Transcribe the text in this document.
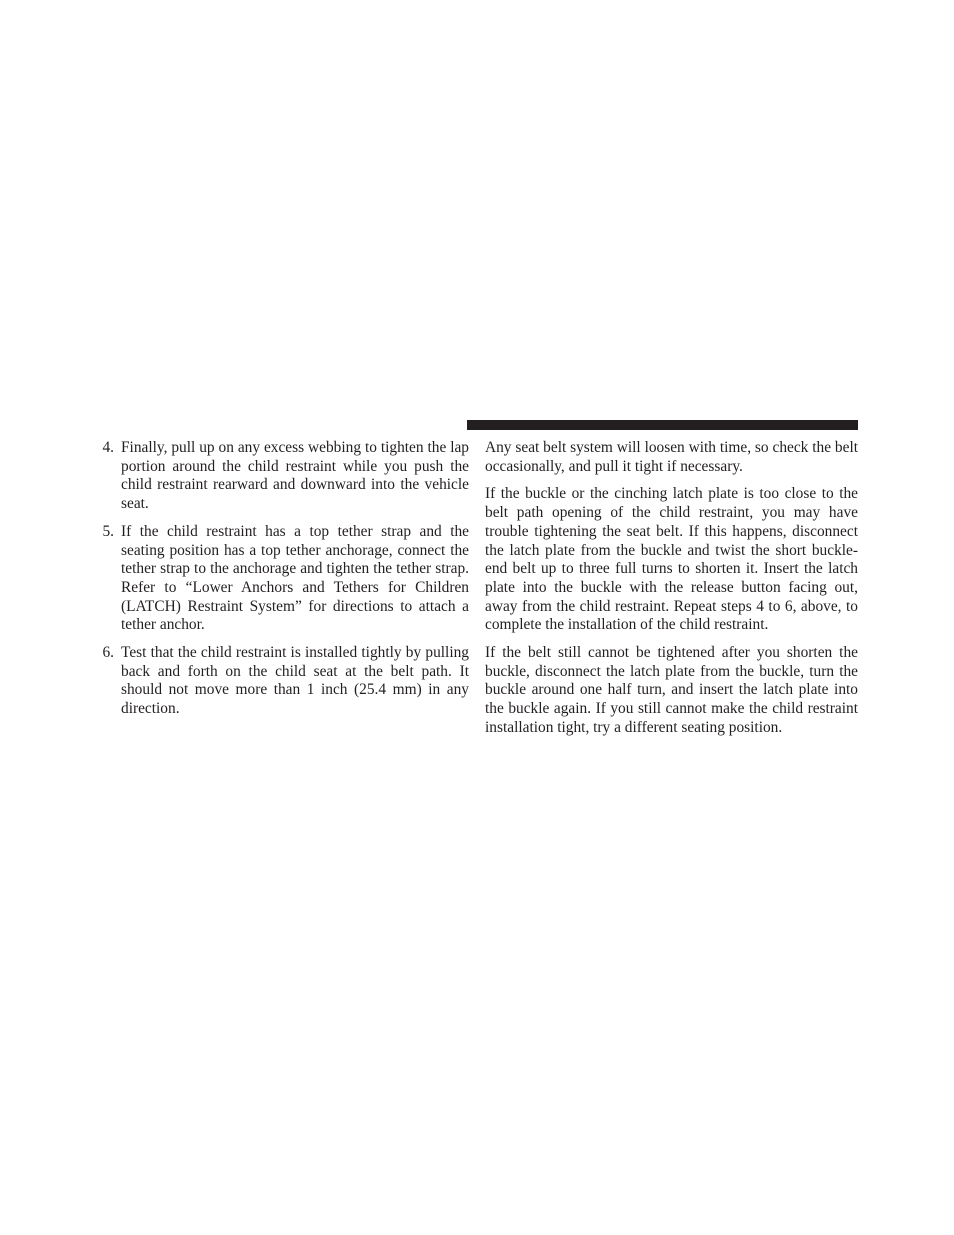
4. Finally, pull up on any excess webbing to tighten the lap portion around the child restraint while you push the child restraint rearward and downward into the vehicle seat.
5. If the child restraint has a top tether strap and the seating position has a top tether anchorage, connect the tether strap to the anchorage and tighten the tether strap. Refer to “Lower Anchors and Tethers for Children (LATCH) Restraint System” for directions to attach a tether anchor.
6. Test that the child restraint is installed tightly by pulling back and forth on the child seat at the belt path. It should not move more than 1 inch (25.4 mm) in any direction.

Any seat belt system will loosen with time, so check the belt occasionally, and pull it tight if necessary.

If the buckle or the cinching latch plate is too close to the belt path opening of the child restraint, you may have trouble tightening the seat belt. If this happens, disconnect the latch plate from the buckle and twist the short buckle-end belt up to three full turns to shorten it. Insert the latch plate into the buckle with the release button facing out, away from the child restraint. Repeat steps 4 to 6, above, to complete the installation of the child restraint.

If the belt still cannot be tightened after you shorten the buckle, disconnect the latch plate from the buckle, turn the buckle around one half turn, and insert the latch plate into the buckle again. If you still cannot make the child restraint installation tight, try a different seating position.
